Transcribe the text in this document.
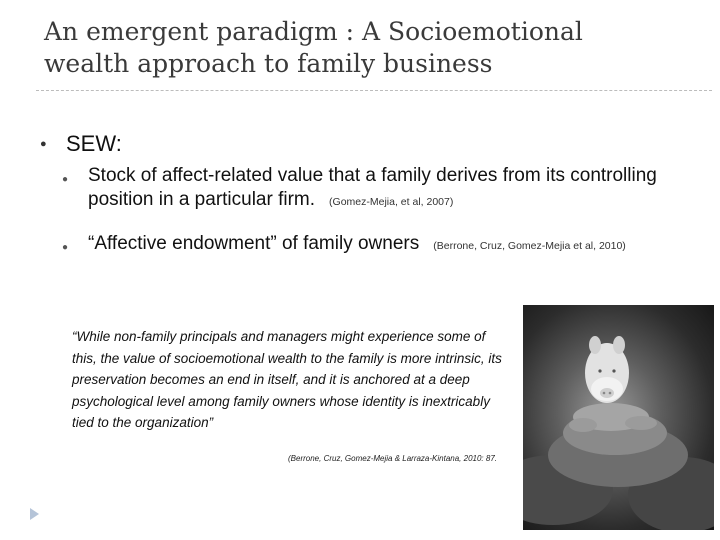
An emergent paradigm : A Socioemotional
wealth approach to family business
● SEW:
● Stock of affect-related value that a family derives from its controlling position in a particular firm. (Gomez-Mejia, et al, 2007)
● “Affective endowment” of family owners (Berrone, Cruz, Gomez-Mejia et al, 2010)
“While non-family principals and managers might experience some of this, the value of socioemotional wealth to the family is more intrinsic, its preservation becomes an end in itself, and it is anchored at a deep psychological level among family owners whose identity is inextricably tied to the organization”
(Berrone, Cruz, Gomez-Mejia & Larraza-Kintana, 2010: 87.
